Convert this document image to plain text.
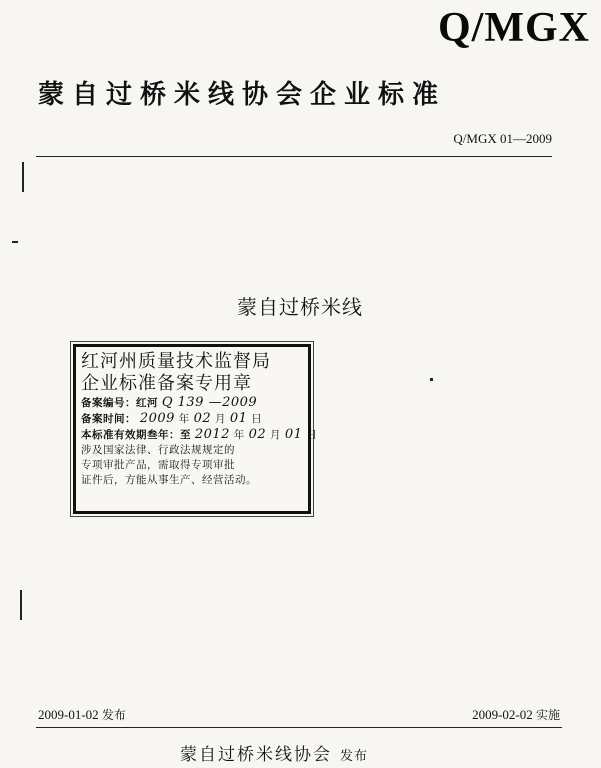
Q/MGX
蒙自过桥米线协会企业标准
Q/MGX 01—2009
蒙自过桥米线
红河州质量技术监督局
企业标准备案专用章
备案编号：红河 Q 139 —2009
备案时间： 2009 年 02 月 01 日
本标准有效期叁年：至 2012 年 02 月 01 日
涉及国家法律、行政法规规定的
专项审批产品，需取得专项审批
证件后，方能从事生产、经营活动。
2009-01-02 发布	2009-02-02 实施
蒙自过桥米线协会 发布
